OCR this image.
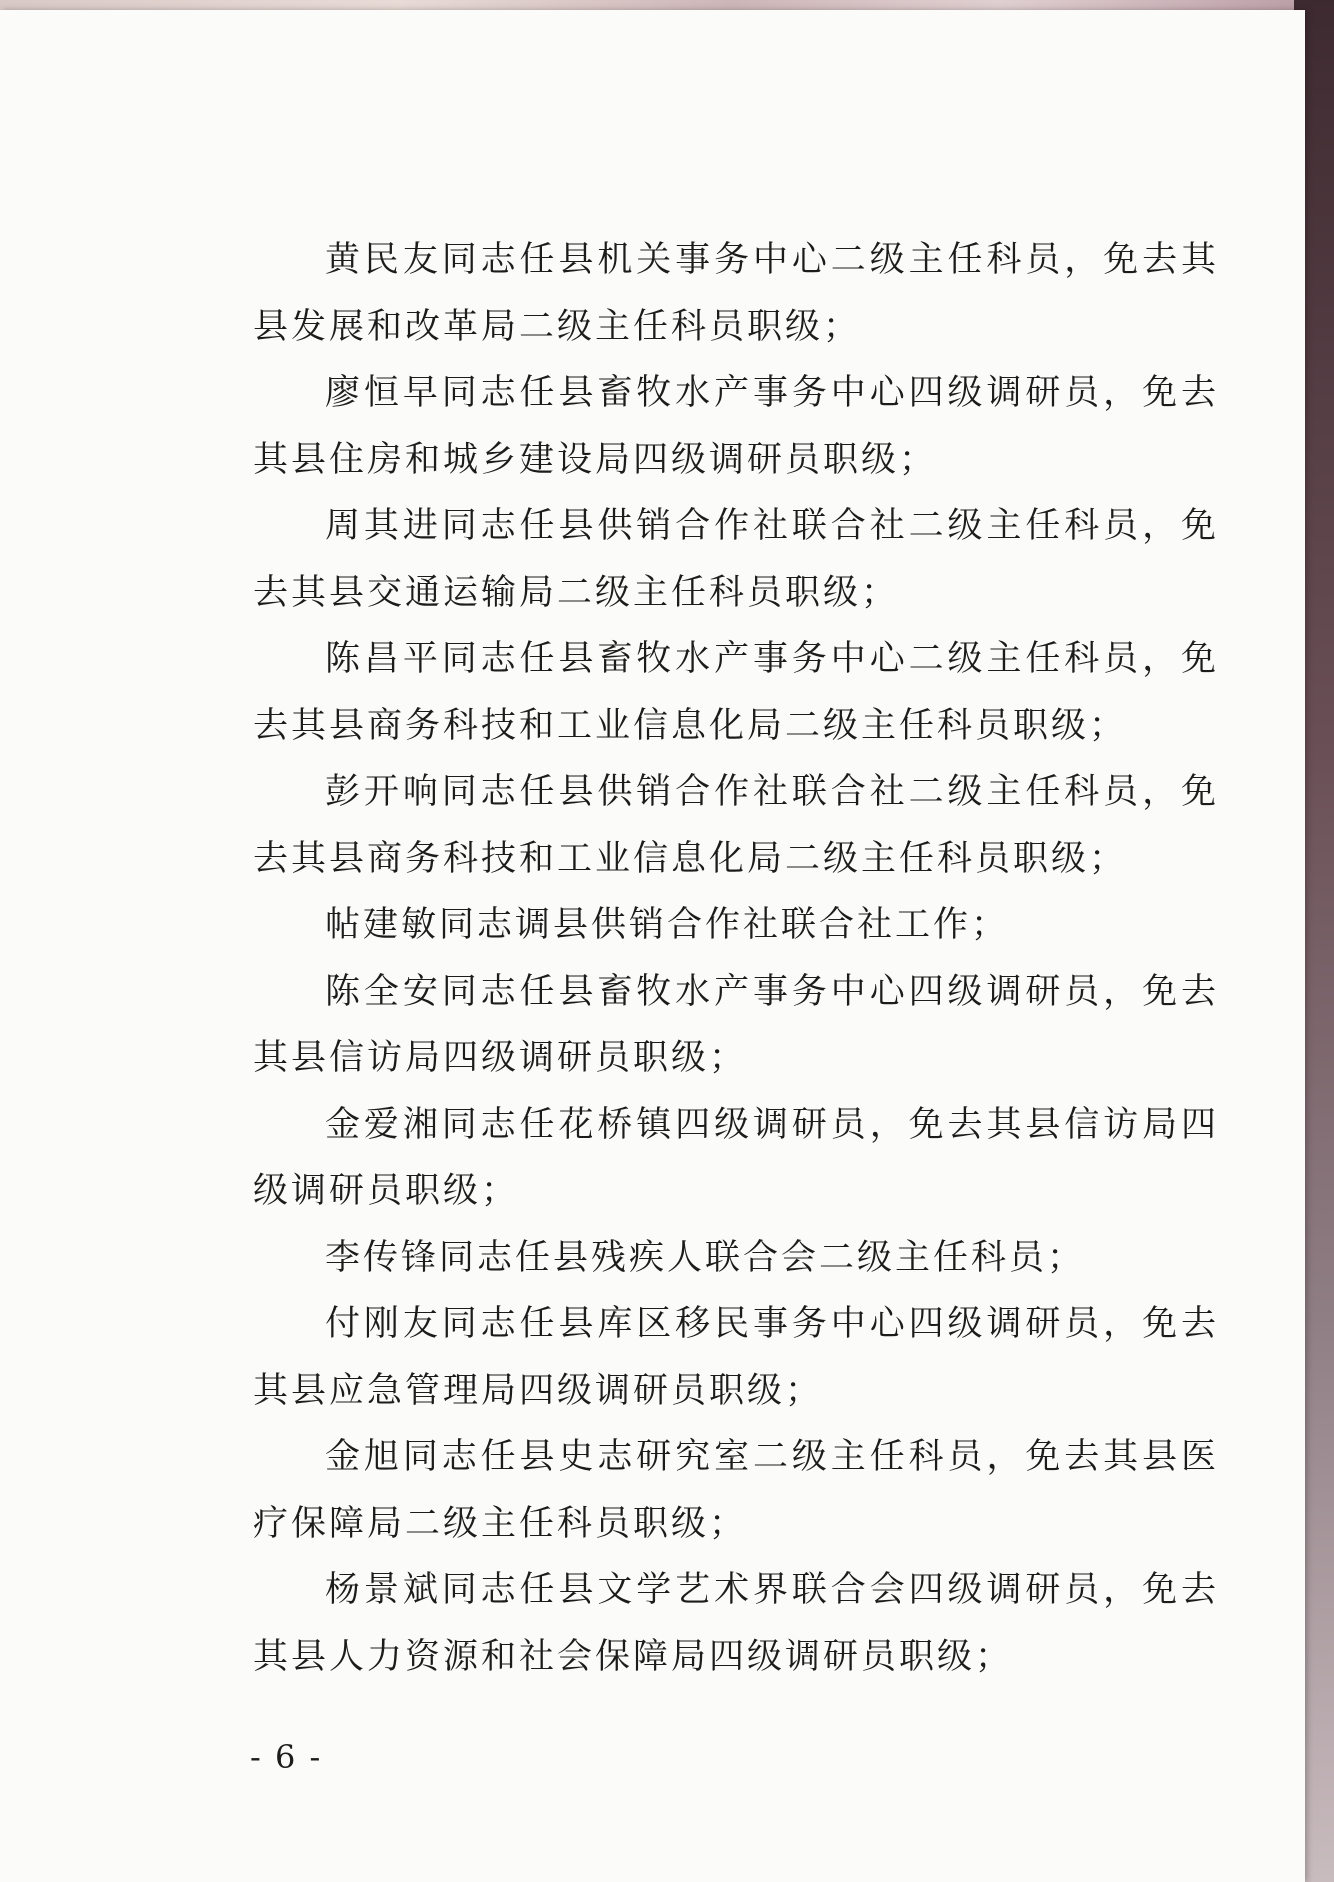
黄民友同志任县机关事务中心二级主任科员，免去其县发展和改革局二级主任科员职级；

廖恒早同志任县畜牧水产事务中心四级调研员，免去其县住房和城乡建设局四级调研员职级；

周其进同志任县供销合作社联合社二级主任科员，免去其县交通运输局二级主任科员职级；

陈昌平同志任县畜牧水产事务中心二级主任科员，免去其县商务科技和工业信息化局二级主任科员职级；

彭开响同志任县供销合作社联合社二级主任科员，免去其县商务科技和工业信息化局二级主任科员职级；

帖建敏同志调县供销合作社联合社工作；

陈全安同志任县畜牧水产事务中心四级调研员，免去其县信访局四级调研员职级；

金爱湘同志任花桥镇四级调研员，免去其县信访局四级调研员职级；

李传锋同志任县残疾人联合会二级主任科员；

付刚友同志任县库区移民事务中心四级调研员，免去其县应急管理局四级调研员职级；

金旭同志任县史志研究室二级主任科员，免去其县医疗保障局二级主任科员职级；

杨景斌同志任县文学艺术界联合会四级调研员，免去其县人力资源和社会保障局四级调研员职级；

- 6 -
